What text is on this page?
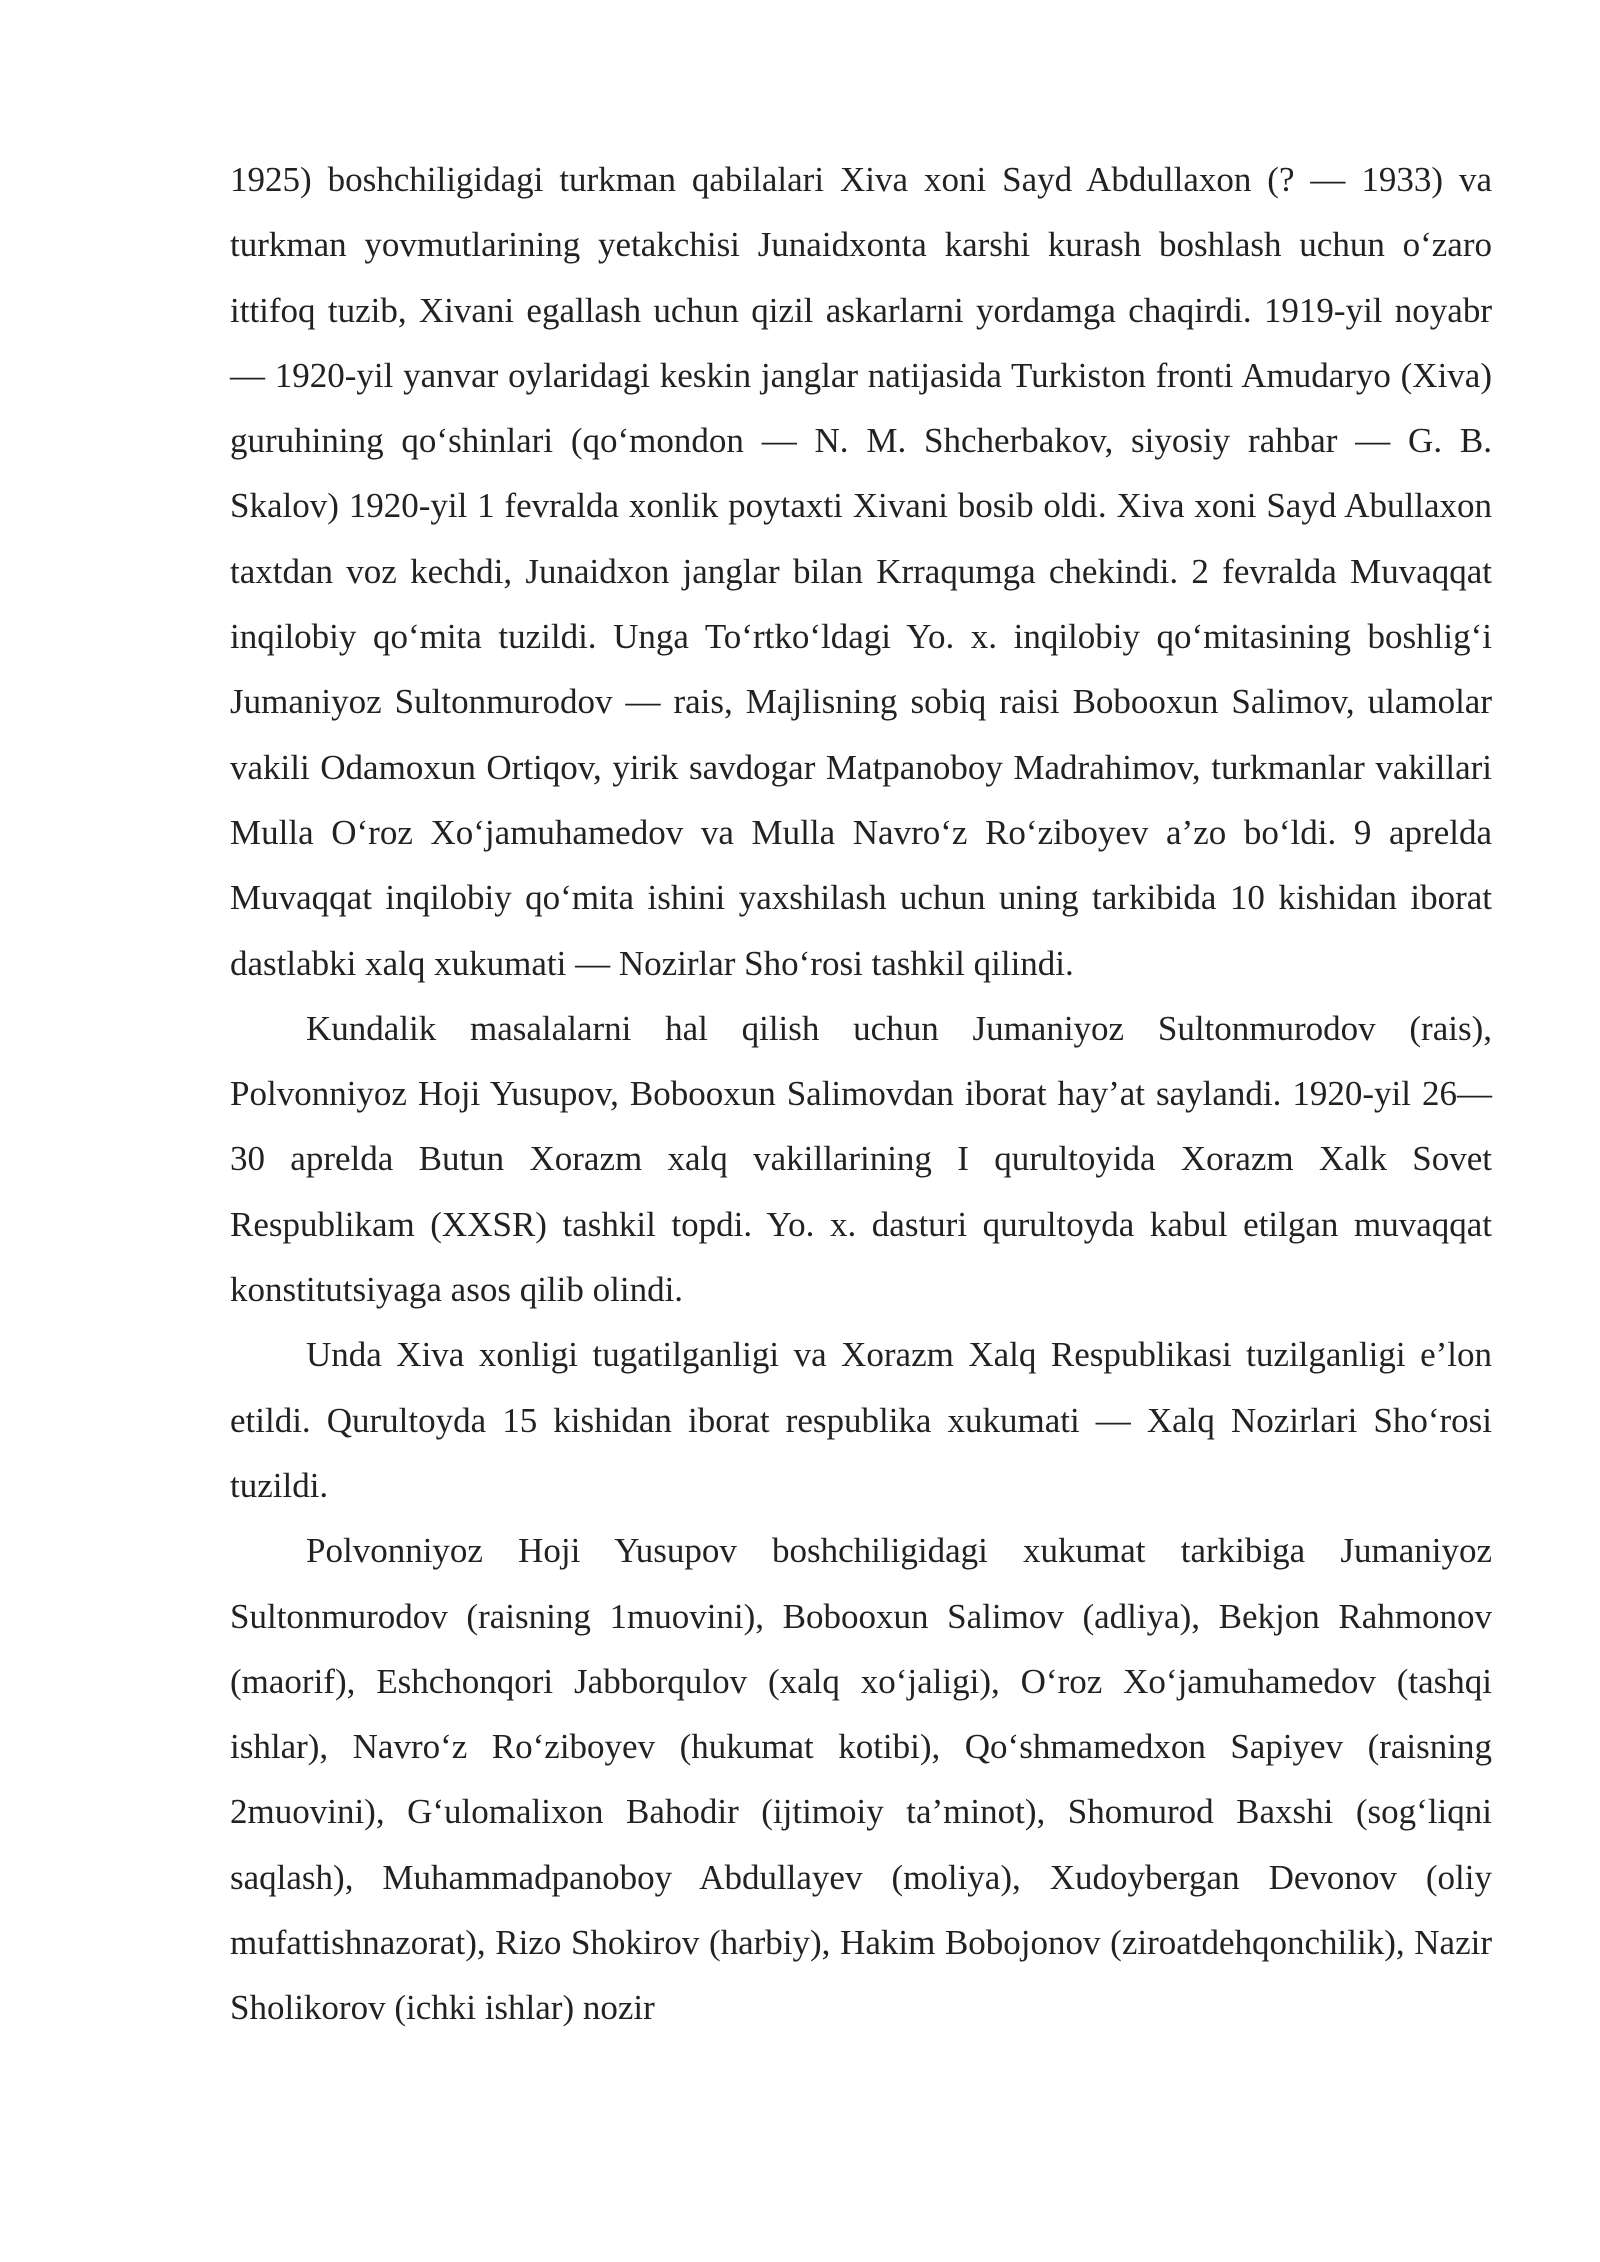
1925) boshchiligidagi turkman qabilalari Xiva xoni Sayd Abdullaxon (? — 1933) va turkman yovmutlarining yetakchisi Junaidxonta karshi kurash boshlash uchun o‘zaro ittifoq tuzib, Xivani egallash uchun qizil askarlarni yordamga chaqirdi. 1919-yil noyabr — 1920-yil yanvar oylaridagi keskin janglar natijasida Turkiston fronti Amudaryo (Xiva) guruhining qo‘shinlari (qo‘mondon — N. M. Shcherbakov, siyosiy rahbar — G. B. Skalov) 1920-yil 1 fevralda xonlik poytaxti Xivani bosib oldi. Xiva xoni Sayd Abullaxon taxtdan voz kechdi, Junaidxon janglar bilan Krraqumga chekindi. 2 fevralda Muvaqqat inqilobiy qo‘mita tuzildi. Unga To‘rtko‘ldagi Yo. x. inqilobiy qo‘mitasining boshlig‘i Jumaniyoz Sultonmurodov — rais, Majlisning sobiq raisi Bobooxun Salimov, ulamolar vakili Odamoxun Ortiqov, yirik savdogar Matpanoboy Madrahimov, turkmanlar vakillari Mulla O‘roz Xo‘jamuhamedov va Mulla Navro‘z Ro‘ziboyev a’zo bo‘ldi. 9 aprelda Muvaqqat inqilobiy qo‘mita ishini yaxshilash uchun uning tarkibida 10 kishidan iborat dastlabki xalq xukumati — Nozirlar Sho‘rosi tashkil qilindi.

Kundalik masalalarni hal qilish uchun Jumaniyoz Sultonmurodov (rais), Polvonniyoz Hoji Yusupov, Bobooxun Salimovdan iborat hay’at saylandi. 1920-yil 26—30 aprelda Butun Xorazm xalq vakillarining I qurultoyida Xorazm Xalk Sovet Respublikam (XXSR) tashkil topdi. Yo. x. dasturi qurultoyda kabul etilgan muvaqqat konstitutsiyaga asos qilib olindi.

Unda Xiva xonligi tugatilganligi va Xorazm Xalq Respublikasi tuzilganligi e’lon etildi. Qurultoyda 15 kishidan iborat respublika xukumati — Xalq Nozirlari Sho‘rosi tuzildi.

Polvonniyoz Hoji Yusupov boshchiligidagi xukumat tarkibiga Jumaniyoz Sultonmurodov (raisning 1muovini), Bobooxun Salimov (adliya), Bekjon Rahmonov (maorif), Eshchonqori Jabborqulov (xalq xo‘jaligi), O‘roz Xo‘jamuhamedov (tashqi ishlar), Navro‘z Ro‘ziboyev (hukumat kotibi), Qo‘shmamedxon Sapiyev (raisning 2muovini), G‘ulomalixon Bahodir (ijtimoiy ta’minot), Shomurod Baxshi (sog‘liqni saqlash), Muhammadpanoboy Abdullayev (moliya), Xudoybergan Devonov (oliy mufattishnazorat), Rizo Shokirov (harbiy), Hakim Bobojonov (ziroatdehqonchilik), Nazir Sholikorov (ichki ishlar) nozir
